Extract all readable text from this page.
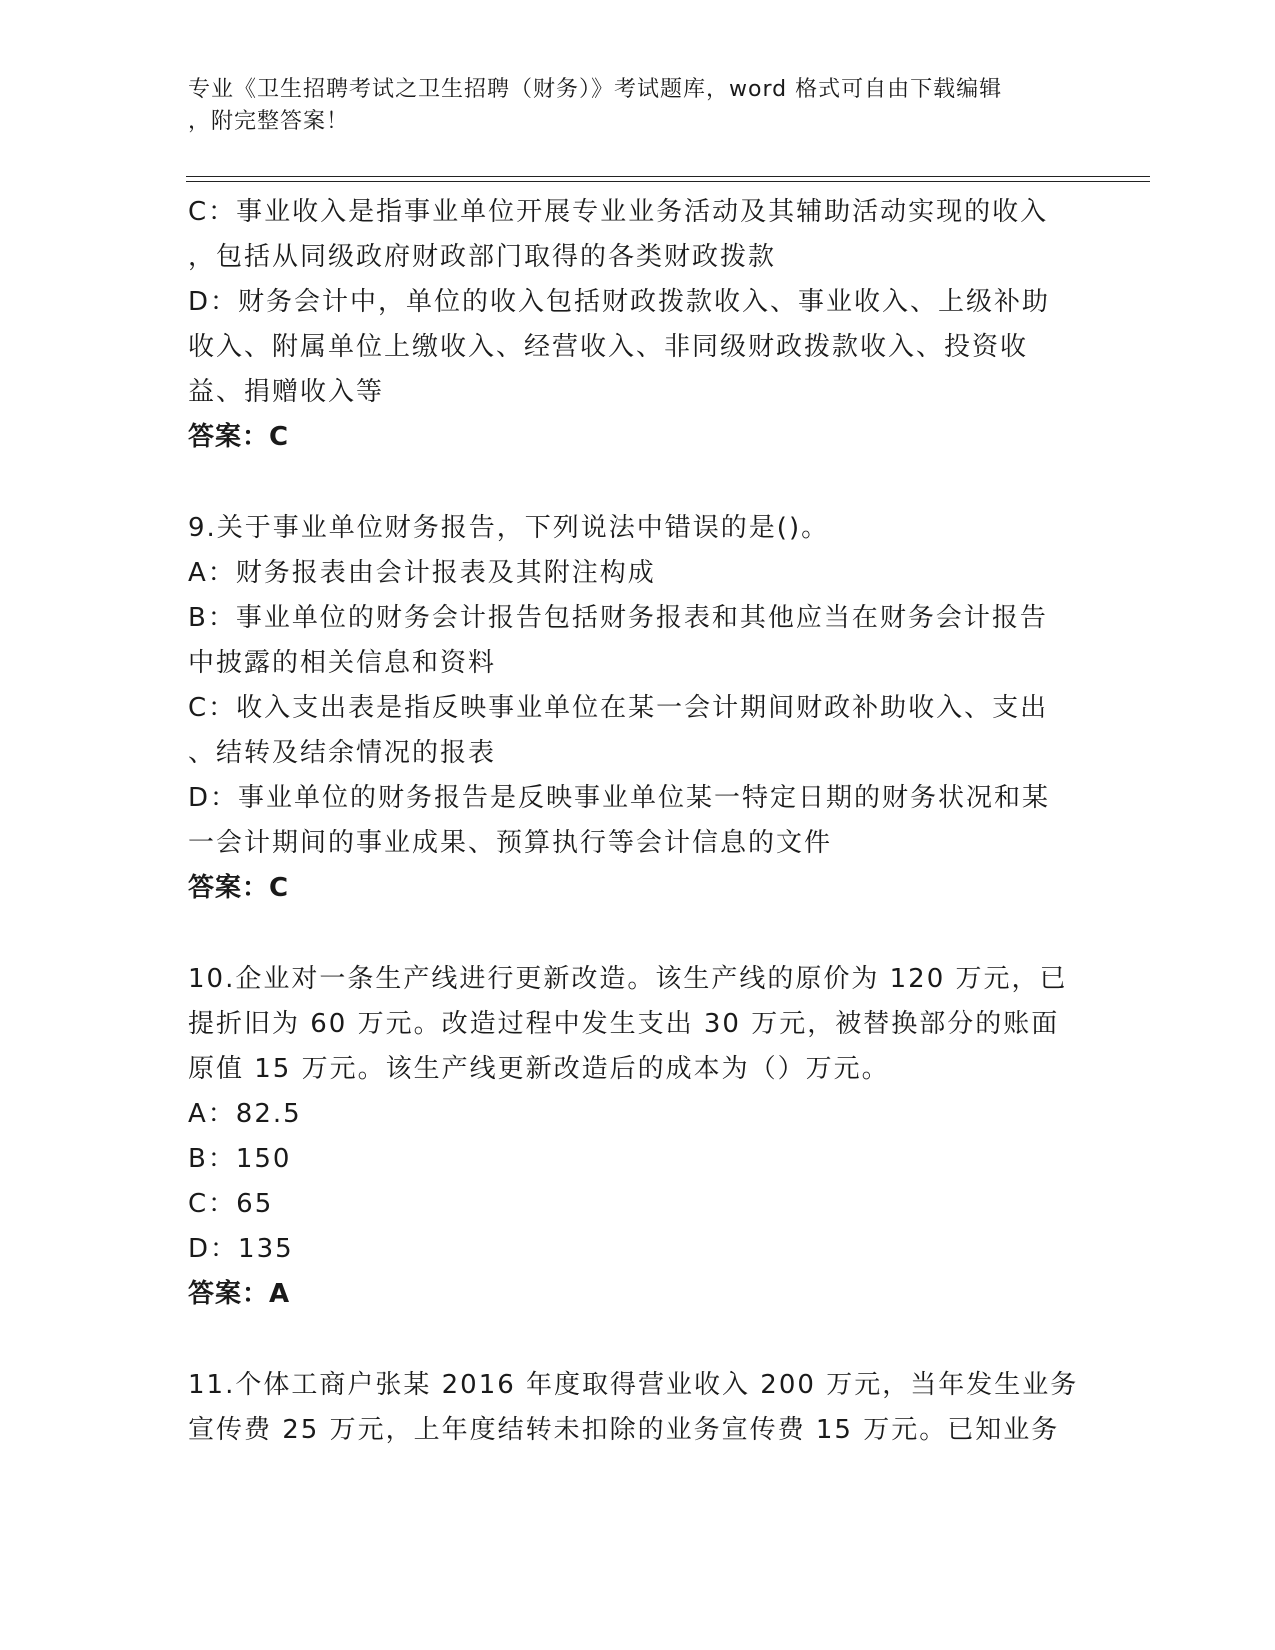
专业《卫生招聘考试之卫生招聘（财务）》考试题库，word 格式可自由下载编辑
，附完整答案！
C：事业收入是指事业单位开展专业业务活动及其辅助活动实现的收入
，包括从同级政府财政部门取得的各类财政拨款
D：财务会计中，单位的收入包括财政拨款收入、事业收入、上级补助
收入、附属单位上缴收入、经营收入、非同级财政拨款收入、投资收
益、捐赠收入等
答案：C
9.关于事业单位财务报告，下列说法中错误的是()。
A：财务报表由会计报表及其附注构成
B：事业单位的财务会计报告包括财务报表和其他应当在财务会计报告
中披露的相关信息和资料
C：收入支出表是指反映事业单位在某一会计期间财政补助收入、支出
、结转及结余情况的报表
D：事业单位的财务报告是反映事业单位某一特定日期的财务状况和某
一会计期间的事业成果、预算执行等会计信息的文件
答案：C
10.企业对一条生产线进行更新改造。该生产线的原价为 120 万元，已
提折旧为 60 万元。改造过程中发生支出 30 万元，被替换部分的账面
原值 15 万元。该生产线更新改造后的成本为（）万元。
A：82.5
B：150
C：65
D：135
答案：A
11.个体工商户张某 2016 年度取得营业收入 200 万元，当年发生业务
宣传费 25 万元，上年度结转未扣除的业务宣传费 15 万元。已知业务
